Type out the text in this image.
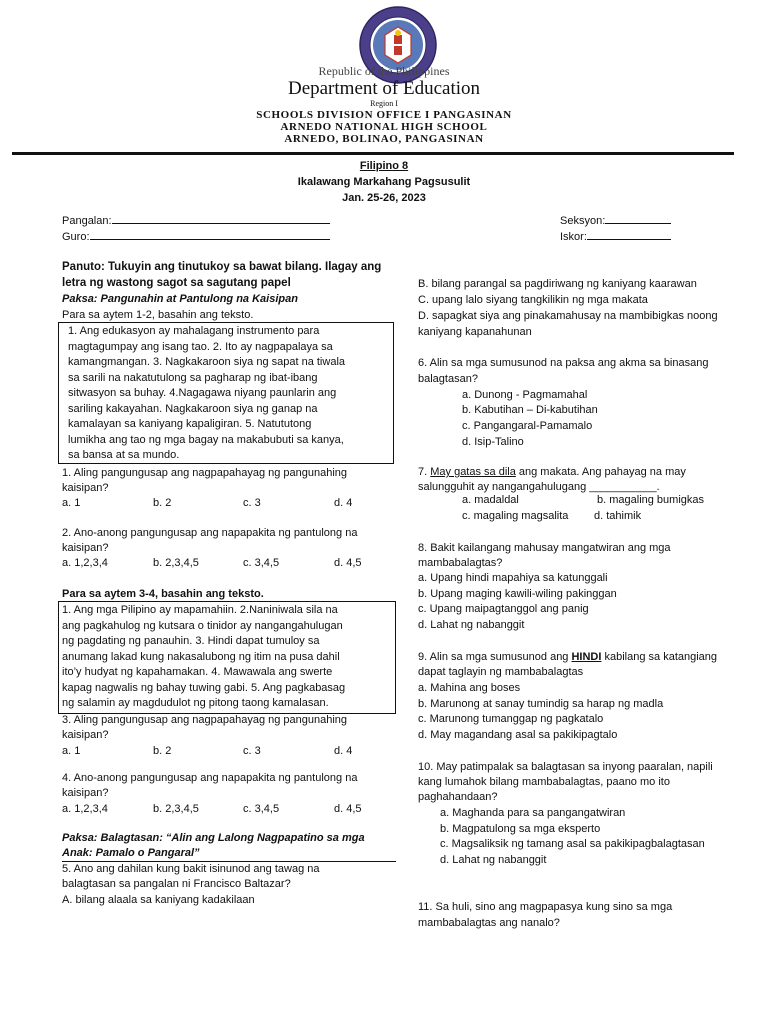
Republic of the Philippines
Department of Education
Region I
SCHOOLS DIVISION OFFICE I PANGASINAN
ARNEDO NATIONAL HIGH SCHOOL
ARNEDO, BOLINAO, PANGASINAN
Filipino 8
Ikalawang Markahang Pagsusulit
Jan. 25-26, 2023
Pangalan:
Guro:
Seksyon:
Iskor:
Panuto: Tukuyin ang tinutukoy sa bawat bilang. Ilagay ang
letra ng wastong sagot sa sagutang papel
Paksa: Pangunahin at Pantulong na Kaisipan
Para sa aytem 1-2, basahin ang teksto.
1. Ang edukasyon ay mahalagang instrumento para
magtagumpay ang isang tao. 2. Ito ay nagpapalaya sa
kamangmangan. 3. Nagkakaroon siya ng sapat na tiwala
sa sarili na nakatutulong sa pagharap ng ibat-ibang
sitwasyon sa buhay. 4.Nagagawa niyang paunlarin ang
sariling kakayahan. Nagkakaroon siya ng ganap na
kamalayan sa kaniyang kapaligiran. 5. Natututong
lumikha ang tao ng mga bagay na makabubuti sa kanya,
sa bansa at sa mundo.
1. Aling pangungusap ang nagpapahayag ng pangunahing
kaisipan?
a. 1	b. 2	c. 3	d. 4
2. Ano-anong pangungusap ang napapakita ng pantulong na
kaisipan?
a. 1,2,3,4	b. 2,3,4,5	c. 3,4,5	d. 4,5
Para sa aytem 3-4, basahin ang teksto.
1. Ang mga Pilipino ay mapamahiin. 2.Naniniwala sila na
ang pagkahulog ng kutsara o tinidor ay nangangahulugan
ng pagdating ng panauhin. 3. Hindi dapat tumuloy sa
anumang lakad kung nakasalubong ng itim na pusa dahil
ito’y hudyat ng kapahamakan. 4. Mawawala ang swerte
kapag nagwalis ng bahay tuwing gabi. 5. Ang pagkabasag
ng salamin ay magdudulot ng pitong taong kamalasan.
3. Aling pangungusap ang nagpapahayag ng pangunahing
kaisipan?
a. 1	b. 2	c. 3	d. 4
4. Ano-anong pangungusap ang napapakita ng pantulong na
kaisipan?
a. 1,2,3,4	b. 2,3,4,5	c. 3,4,5	d. 4,5
Paksa: Balagtasan: “Alin ang Lalong Nagpapatino sa mga
Anak: Pamalo o Pangaral”
5. Ano ang dahilan kung bakit isinunod ang tawag na
balagtasan sa pangalan ni Francisco Baltazar?
A. bilang alaala sa kaniyang kadakilaan
B. bilang parangal sa pagdiriwang ng kaniyang kaarawan
C. upang lalo siyang tangkilikin ng mga makata
D. sapagkat siya ang pinakamahusay na mambibigkas noong
kaniyang kapanahunan
6. Alin sa mga sumusunod na paksa ang akma sa binasang
balagtasan?
a. Dunong - Pagmamahal
b. Kabutihan – Di-kabutihan
c. Pangangaral-Pamamalo
d. Isip-Talino
7. May gatas sa dila ang makata. Ang pahayag na may
salungguhit ay nangangahulugang ___________.
a. madaldal	b. magaling bumigkas
c. magaling magsalita d. tahimik
8. Bakit kailangang mahusay mangatwiran ang mga
mambabalagtas?
a. Upang hindi mapahiya sa katunggali
b. Upang maging kawili-wiling pakinggan
c. Upang maipagtanggol ang panig
d. Lahat ng nabanggit
9. Alin sa mga sumusunod ang HINDI kabilang sa katangiang
dapat taglayin ng mambabalagtas
a. Mahina ang boses
b. Marunong at sanay tumindig sa harap ng madla
c. Marunong tumanggap ng pagkatalo
d. May magandang asal sa pakikipagtalo
10. May patimpalak sa balagtasan sa inyong paaralan, napili
kang lumahok bilang mambabalagtas, paano mo ito
paghahandaan?
a. Maghanda para sa pangangatwiran
b. Magpatulong sa mga eksperto
c. Magsaliksik ng tamang asal sa pakikipagbalagtasan
d. Lahat ng nabanggit
11. Sa huli, sino ang magpapasya kung sino sa mga
mambabalagtas ang nanalo?
